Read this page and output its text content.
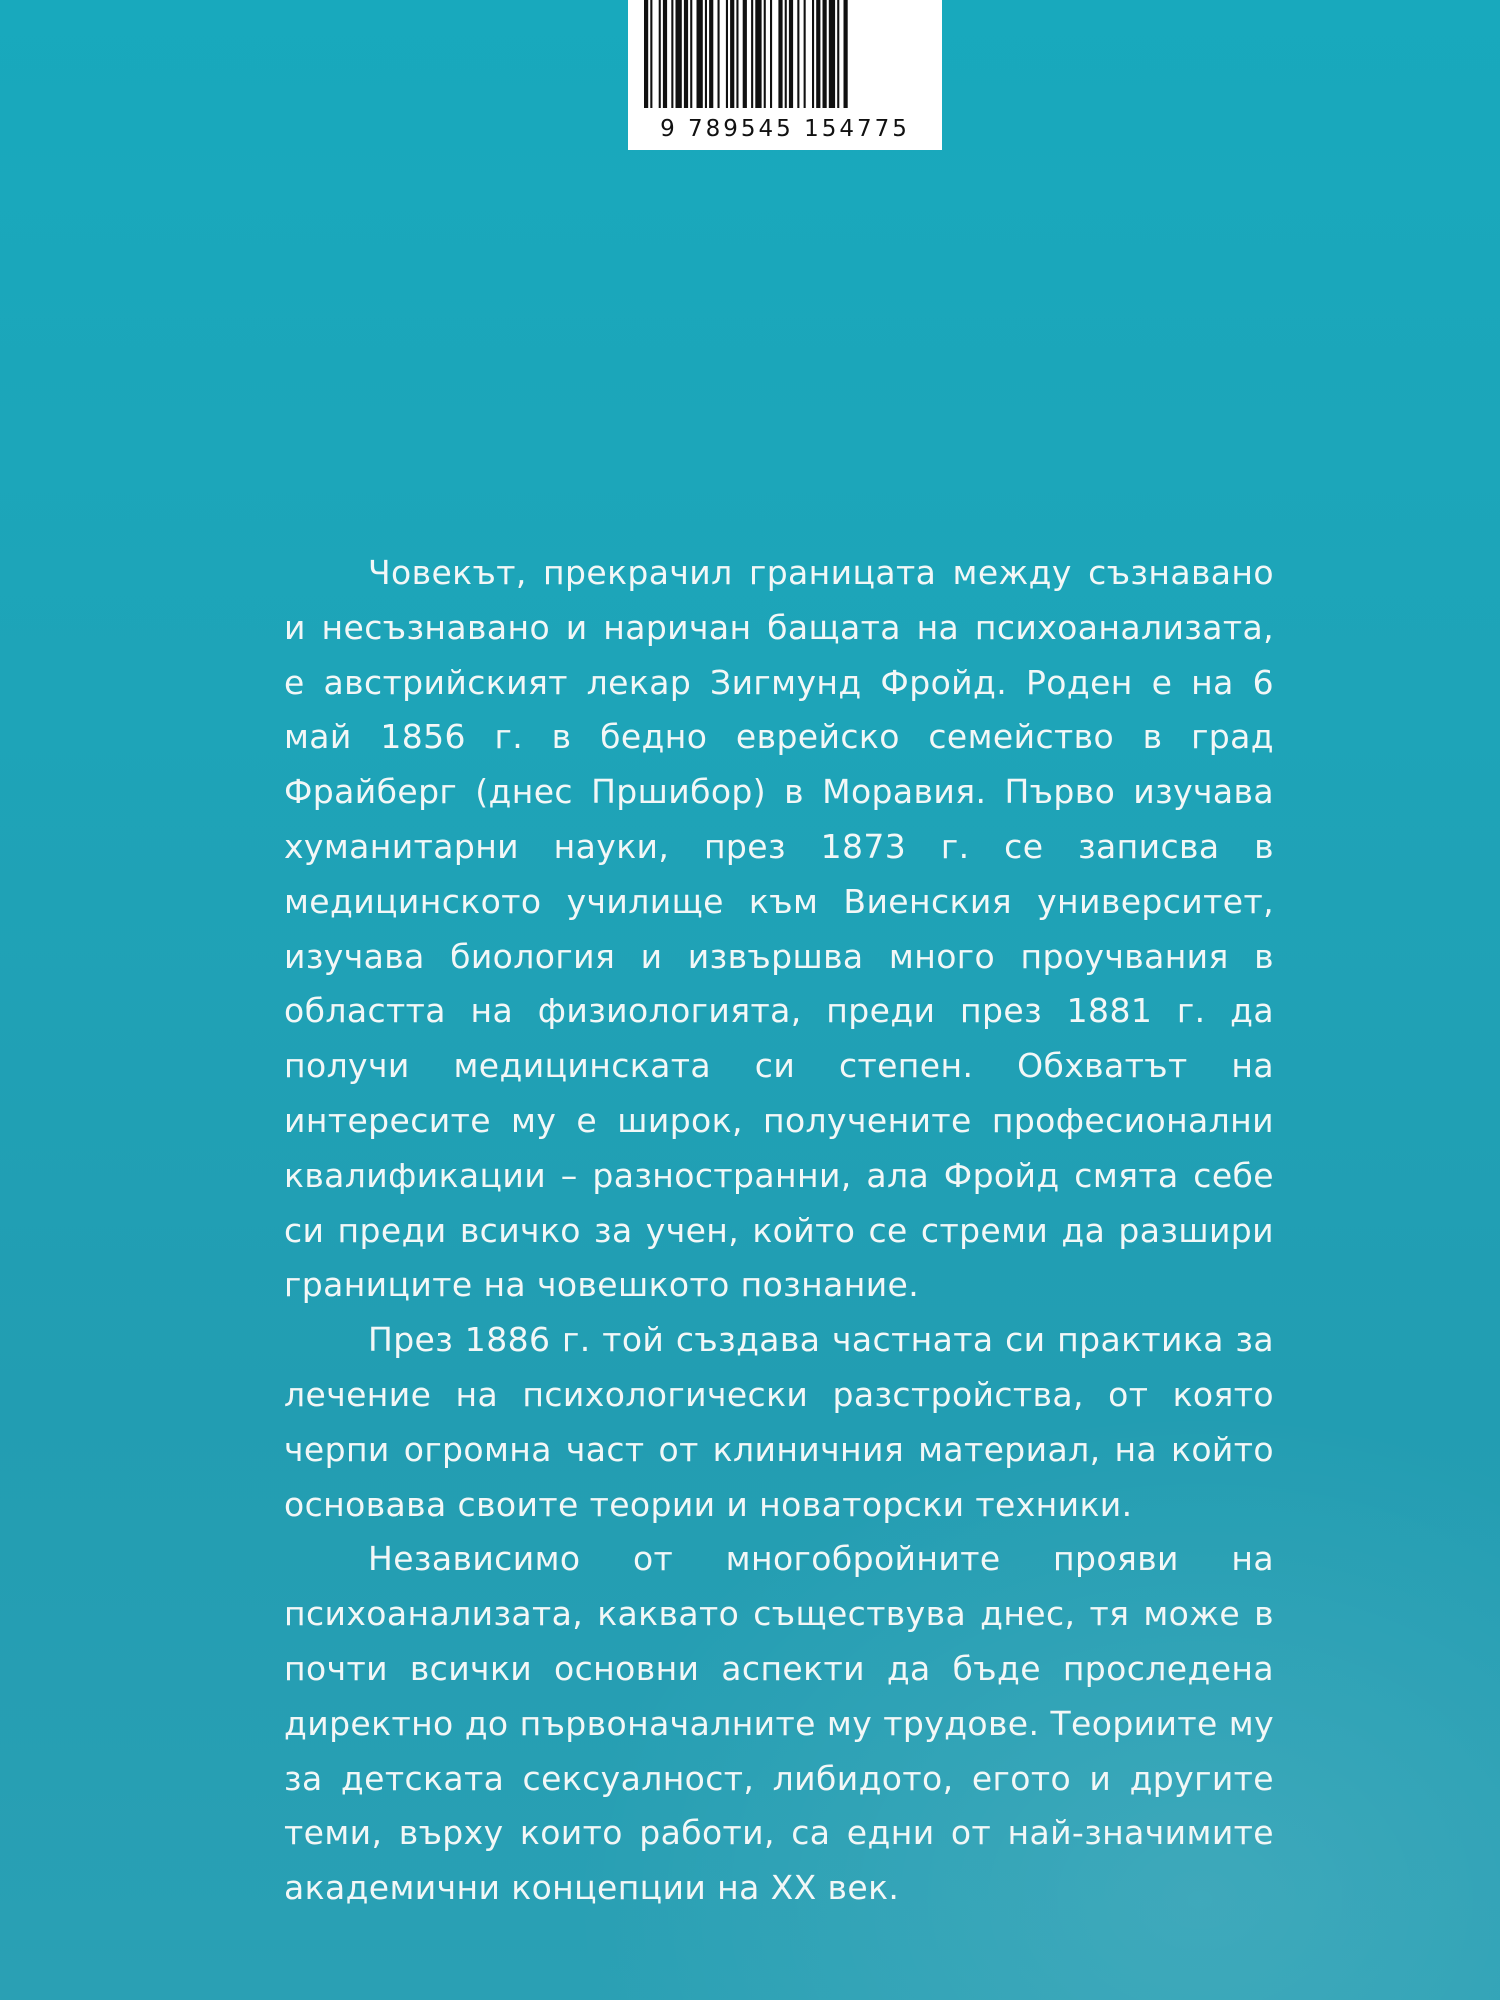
9 789545 154775

Човекът, прекрачил границата между съзнавано и несъзнавано и наричан бащата на психоанализата, е австрийският лекар Зигмунд Фройд. Роден е на 6 май 1856 г. в бедно еврейско семейство в град Фрайберг (днес Пршибор) в Моравия. Първо изучава хуманитарни науки, през 1873 г. се записва в медицинското училище към Виенския университет, изучава биология и извършва много проучвания в областта на физиологията, преди през 1881 г. да получи медицинската си степен. Обхватът на интересите му е широк, получените професионални квалификации – разностранни, ала Фройд смята себе си преди всичко за учен, който се стреми да разшири границите на човешкото познание.

През 1886 г. той създава частната си практика за лечение на психологически разстройства, от която черпи огромна част от клиничния материал, на който основава своите теории и новаторски техники.

Независимо от многобройните прояви на психоанализата, каквато съществува днес, тя може в почти всички основни аспекти да бъде проследена директно до първоначалните му трудове. Теориите му за детската сексуалност, либидото, егото и другите теми, върху които работи, са едни от най-значимите академични концепции на XX век.
